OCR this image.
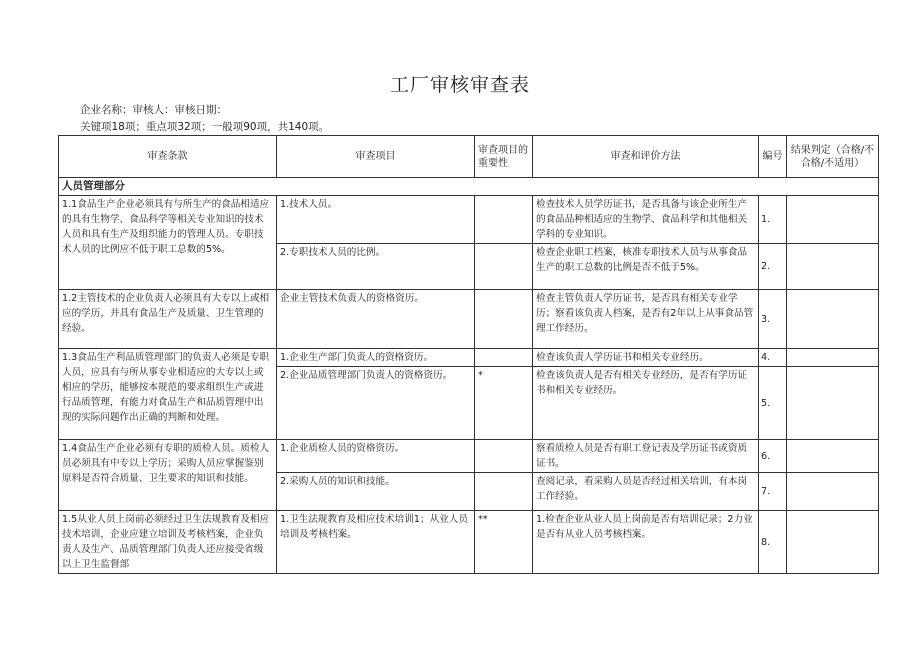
工厂审核审查表
企业名称：审核人：审核日期：
关键项18项；重点项32项；一般项90项，共140项。
审查条款	审查项目	审查项目的重要性	审查和评价方法	编号	结果判定（合格/不合格/不适用）
人员管理部分					
1.1食品生产企业必须具有与所生产的食品相适应的具有生物学、食品科学等相关专业知识的技术人员和具有生产及组织能力的管理人员。专职技术人员的比例应不低于职工总数的5%。	1.技术人员。		检查技术人员学历证书，是否具备与该企业所生产的食品品种相适应的生物学、食品科学和其他相关学科的专业知识。	1.	
	2.专职技术人员的比例。		检查企业职工档案，核准专职技术人员与从事食品生产的职工总数的比例是否不低于5%。	2.	
1.2主管技术的企业负责人必须具有大专以上或相应的学历，并具有食品生产及质量、卫生管理的经验。	企业主管技术负责人的资格资历。		检查主管负责人学历证书，是否具有相关专业学历；察看该负责人档案，是否有2年以上从事食品管理工作经历。	3.	
1.3食品生产利品质管理部门的负责人必须是专职人员，应具有与所从事专业相适应的大专以上或相应的学历，能够按本规范的要求组织生产或进行品质管理，有能力对食品生产和品质管理中出现的实际问题作出正确的判断和处理。	1.企业生产部门负责人的资格资历。		检查该负责人学历证书和相关专业经历。	4.	
	2.企业品质管理部门负责人的资格资历。	*	检查该负责人是否有相关专业经历，是否有学历证书和相关专业经历。	5.	
1.4食品生产企业必须有专职的质检人员。质检人员必须具有中专以上学历；采购人员应掌握鉴别原料是否符合质量、卫生要求的知识和技能。	1.企业质检人员的资格资历。		察看质检人员是否有职工登记表及学历证书或资质证书。	6.	
	2.采购人员的知识和技能。		查阅记录，看采购人员是否经过相关培训，有本岗工作经验。	7.	
1.5从业人员上岗前必须经过卫生法规教育及相应技术培训，企业应建立培训及考核档案，企业负责人及生产、品质管理部门负责人还应接受省级以上卫生监督部	1.卫生法规教育及相应技术培训1；从业人员培训及考核档案。	**	1.检查企业从业人员上岗前是否有培训记录；2力业是否有从业人员考核档案。	8.	
